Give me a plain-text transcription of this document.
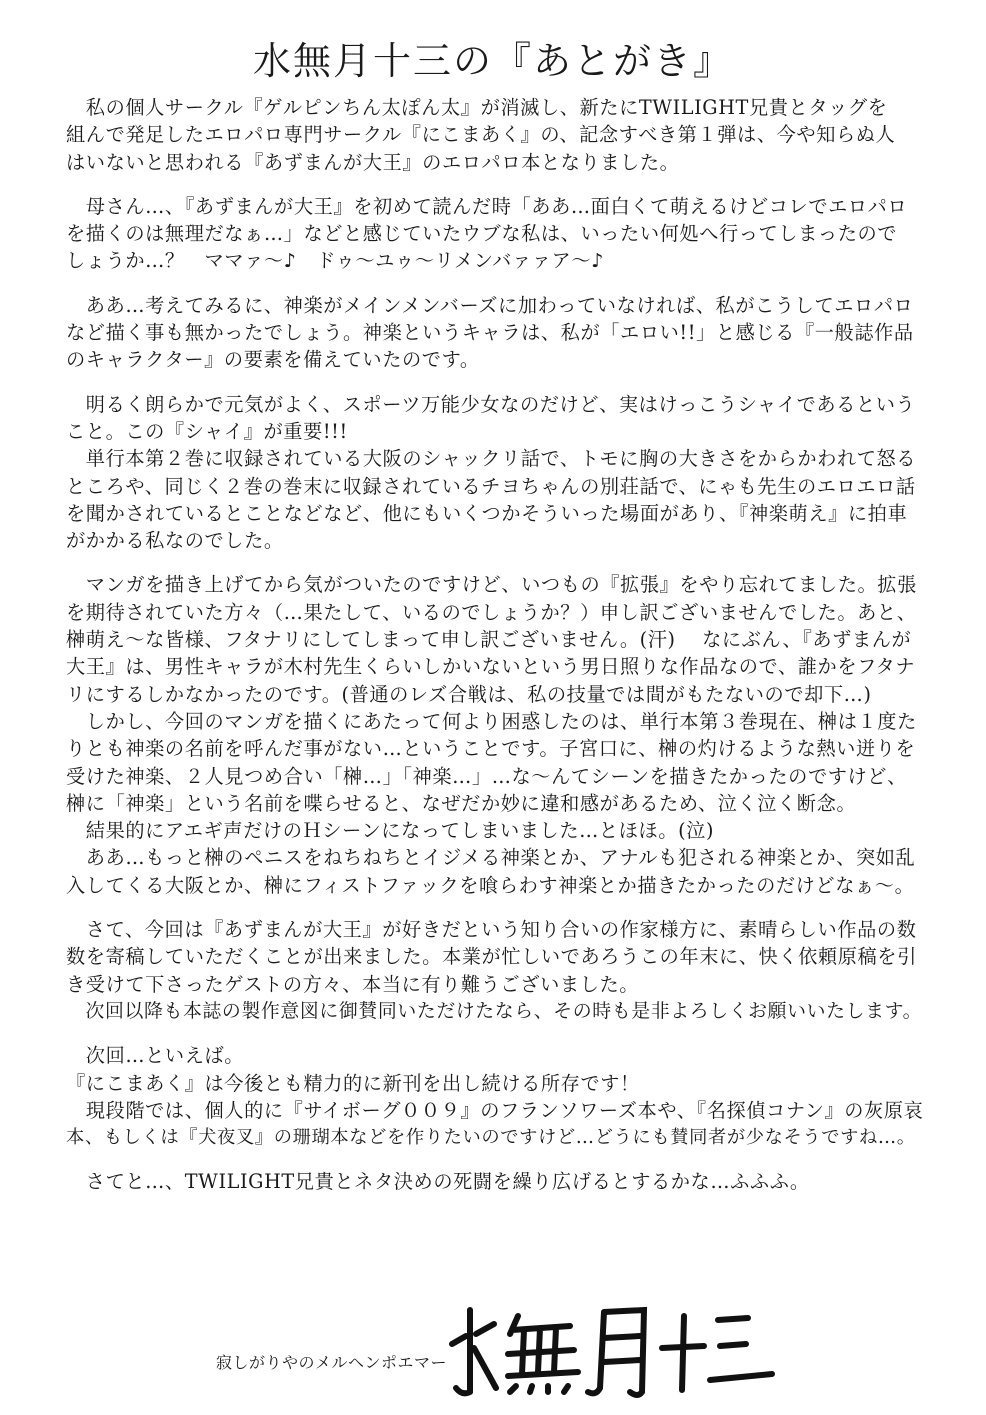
水無月十三の『あとがき』

　私の個人サークル『ゲルピンちん太ぽん太』が消滅し、新たにTWILIGHT兄貴とタッグを

組んで発足したエロパロ専門サークル『にこまあく』の、記念すべき第１弾は、今や知らぬ人

はいないと思われる『あずまんが大王』のエロパロ本となりました。

　母さん…、『あずまんが大王』を初めて読んだ時「ああ…面白くて萌えるけどコレでエロパロ

を描くのは無理だなぁ…」などと感じていたウブな私は、いったい何処へ行ってしまったので

しょうか…？　ママァ〜♪　ドゥ〜ユゥ〜リメンバァァア〜♪

　ああ…考えてみるに、神楽がメインメンバーズに加わっていなければ、私がこうしてエロパロ

など描く事も無かったでしょう。神楽というキャラは、私が「エロい!!」と感じる『一般誌作品

のキャラクター』の要素を備えていたのです。

　明るく朗らかで元気がよく、スポーツ万能少女なのだけど、実はけっこうシャイであるという

こと。この『シャイ』が重要!!!

　単行本第２巻に収録されている大阪のシャックリ話で、トモに胸の大きさをからかわれて怒る

ところや、同じく２巻の巻末に収録されているチヨちゃんの別荘話で、にゃも先生のエロエロ話

を聞かされているとことなどなど、他にもいくつかそういった場面があり、『神楽萌え』に拍車

がかかる私なのでした。

　マンガを描き上げてから気がついたのですけど、いつもの『拡張』をやり忘れてました。拡張

を期待されていた方々（…果たして、いるのでしょうか？）申し訳ございませんでした。あと、

榊萌え〜な皆様、フタナリにしてしまって申し訳ございません。(汗)　 なにぶん、『あずまんが

大王』は、男性キャラが木村先生くらいしかいないという男日照りな作品なので、誰かをフタナ

リにするしかなかったのです。(普通のレズ合戦は、私の技量では間がもたないので却下…)

　しかし、今回のマンガを描くにあたって何より困惑したのは、単行本第３巻現在、榊は１度た

りとも神楽の名前を呼んだ事がない…ということです。子宮口に、榊の灼けるような熱い迸りを

受けた神楽、２人見つめ合い「榊…」「神楽…」…な〜んてシーンを描きたかったのですけど、

榊に「神楽」という名前を喋らせると、なぜだか妙に違和感があるため、泣く泣く断念。

　結果的にアエギ声だけのＨシーンになってしまいました…とほほ。(泣)

　ああ…もっと榊のペニスをねちねちとイジメる神楽とか、アナルも犯される神楽とか、突如乱

入してくる大阪とか、榊にフィストファックを喰らわす神楽とか描きたかったのだけどなぁ〜。

　さて、今回は『あずまんが大王』が好きだという知り合いの作家様方に、素晴らしい作品の数

数を寄稿していただくことが出来ました。本業が忙しいであろうこの年末に、快く依頼原稿を引

き受けて下さったゲストの方々、本当に有り難うございました。

　次回以降も本誌の製作意図に御賛同いただけたなら、その時も是非よろしくお願いいたします。

　次回…といえば。

『にこまあく』は今後とも精力的に新刊を出し続ける所存です！

　現段階では、個人的に『サイボーグ００９』のフランソワーズ本や、『名探偵コナン』の灰原哀

本、もしくは『犬夜叉』の珊瑚本などを作りたいのですけど…どうにも賛同者が少なそうですね…。

　さてと…、TWILIGHT兄貴とネタ決めの死闘を繰り広げるとするかな…ふふふ。

寂しがりやのメルヘンポエマー
水無月十三
